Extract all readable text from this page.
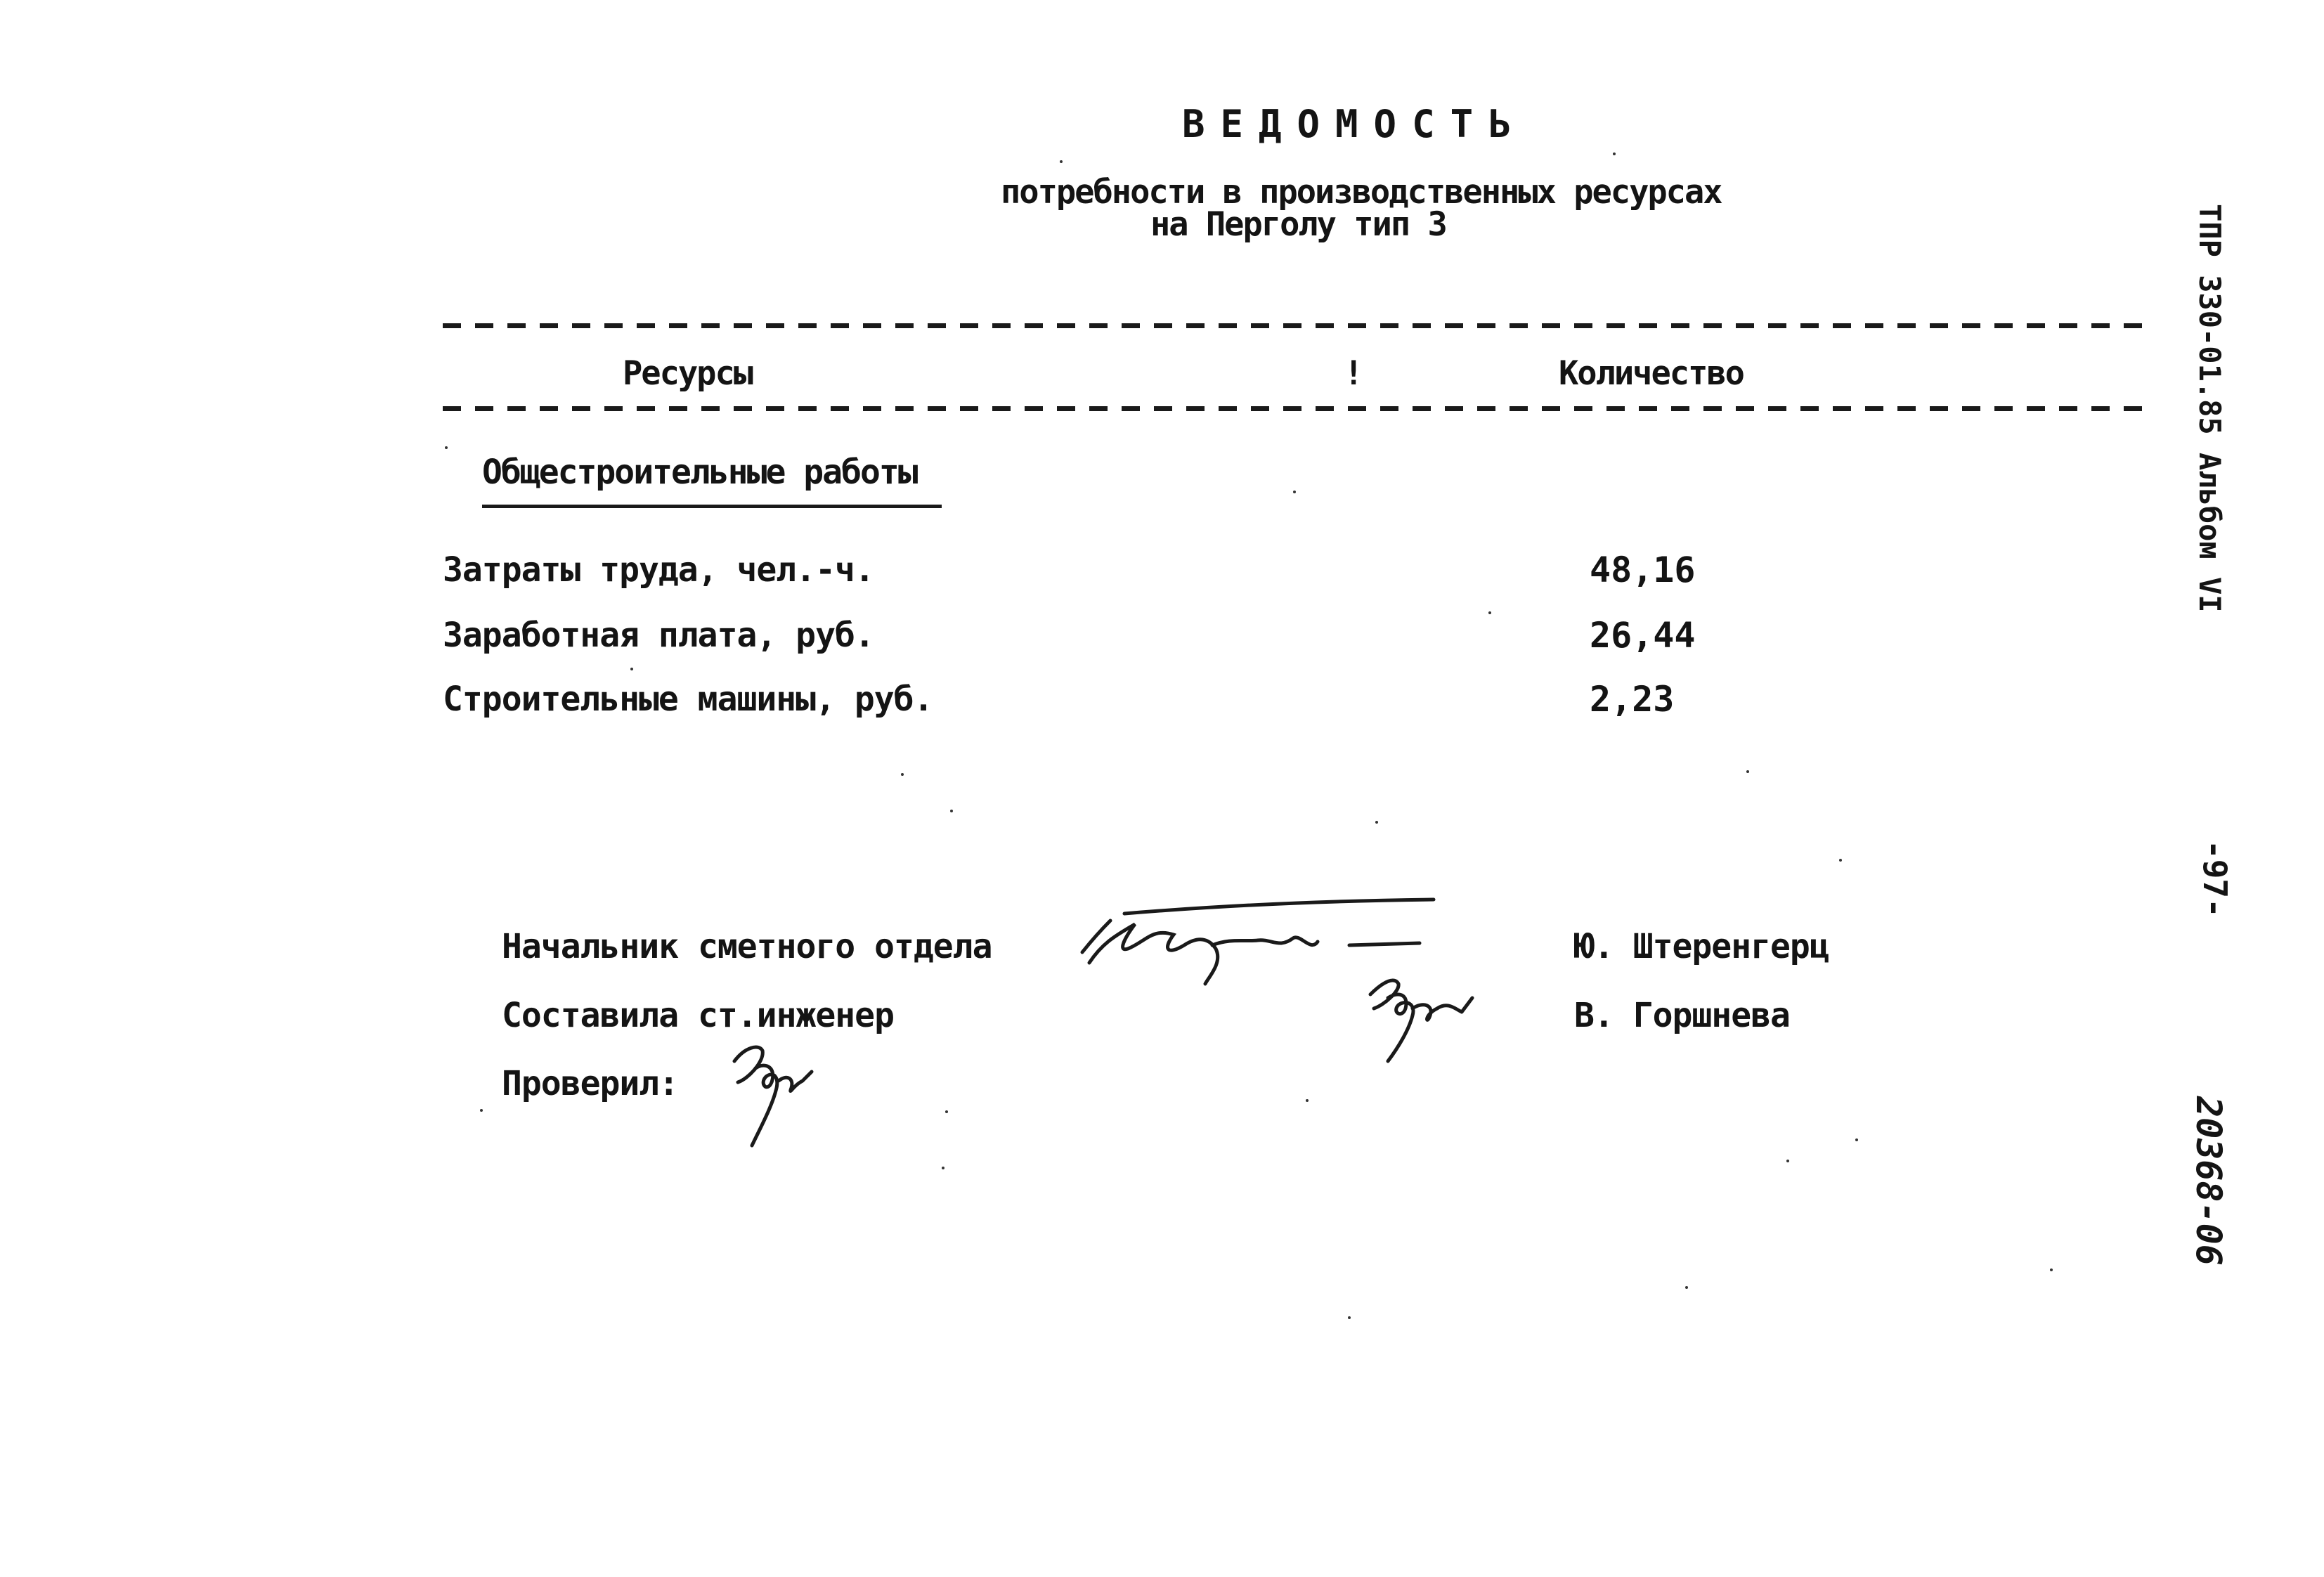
ВЕДОМОСТЬ
потребности в производственных ресурсах
на Перголу тип 3
Ресурсы	!	Количество
Общестроительные работы
Затраты труда, чел.-ч.	48,16
Заработная плата, руб.	26,44
Строительные машины, руб.	2,23
Начальник сметного отдела	Ю. Штеренгерц
Составила ст.инженер	В. Горшнева
Проверил:
ТПР 330-01.85 Альбом VI
-97-
20368-06
